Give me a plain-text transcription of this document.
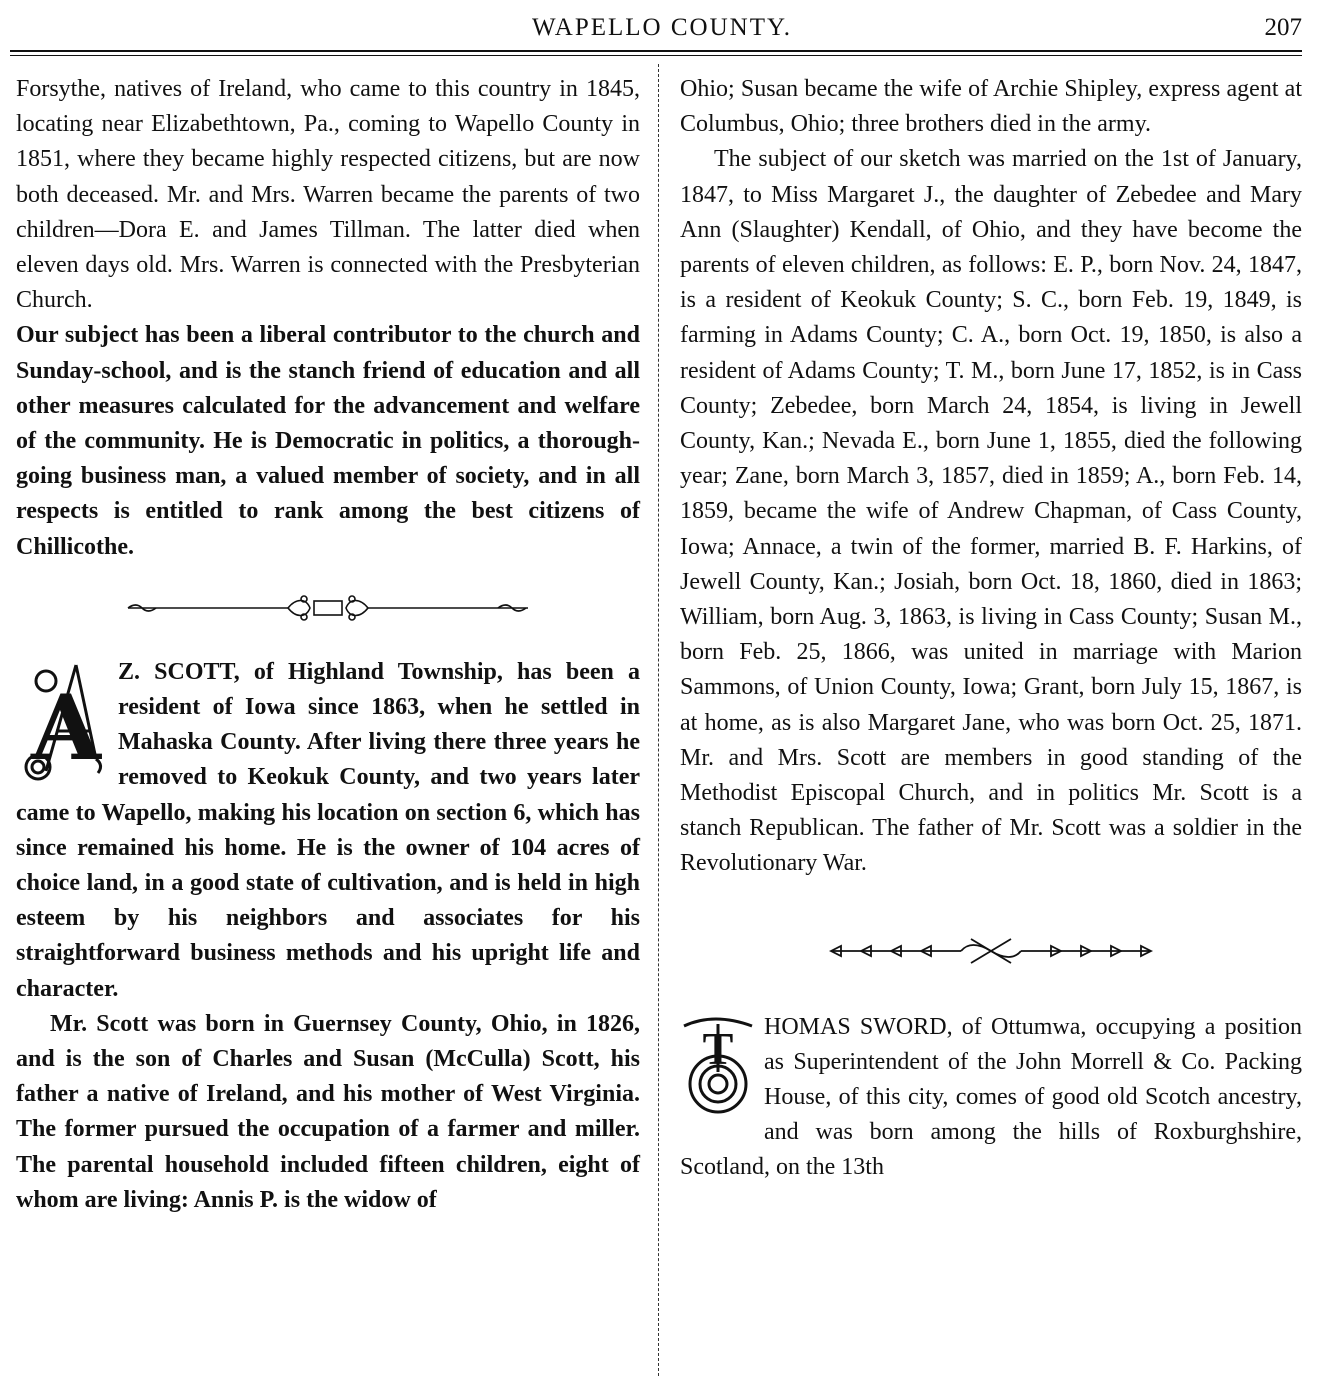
WAPELLO COUNTY.	207

Forsythe, natives of Ireland, who came to this country in 1845, locating near Elizabethtown, Pa., coming to Wapello County in 1851, where they became highly respected citizens, but are now both deceased. Mr. and Mrs. Warren became the parents of two children—Dora E. and James Tillman. The latter died when eleven days old. Mrs. Warren is connected with the Presbyterian Church.

Our subject has been a liberal contributor to the church and Sunday-school, and is the stanch friend of education and all other measures calculated for the advancement and welfare of the community. He is Democratic in politics, a thorough-going business man, a valued member of society, and in all respects is entitled to rank among the best citizens of Chillicothe.

A

Z. SCOTT, of Highland Township, has been a resident of Iowa since 1863, when he settled in Mahaska County. After living there three years he removed to Keokuk County, and two years later came to Wapello, making his location on section 6, which has since remained his home. He is the owner of 104 acres of choice land, in a good state of cultivation, and is held in high esteem by his neighbors and associates for his straightforward business methods and his upright life and character.

Mr. Scott was born in Guernsey County, Ohio, in 1826, and is the son of Charles and Susan (McCulla) Scott, his father a native of Ireland, and his mother of West Virginia. The former pursued the occupation of a farmer and miller. The parental household included fifteen children, eight of whom are living: Annis P. is the widow of

Ohio; Susan became the wife of Archie Shipley, express agent at Columbus, Ohio; three brothers died in the army.

The subject of our sketch was married on the 1st of January, 1847, to Miss Margaret J., the daughter of Zebedee and Mary Ann (Slaughter) Kendall, of Ohio, and they have become the parents of eleven children, as follows: E. P., born Nov. 24, 1847, is a resident of Keokuk County; S. C., born Feb. 19, 1849, is farming in Adams County; C. A., born Oct. 19, 1850, is also a resident of Adams County; T. M., born June 17, 1852, is in Cass County; Zebedee, born March 24, 1854, is living in Jewell County, Kan.; Nevada E., born June 1, 1855, died the following year; Zane, born March 3, 1857, died in 1859; A., born Feb. 14, 1859, became the wife of Andrew Chapman, of Cass County, Iowa; Annace, a twin of the former, married B. F. Harkins, of Jewell County, Kan.; Josiah, born Oct. 18, 1860, died in 1863; William, born Aug. 3, 1863, is living in Cass County; Susan M., born Feb. 25, 1866, was united in marriage with Marion Sammons, of Union County, Iowa; Grant, born July 15, 1867, is at home, as is also Margaret Jane, who was born Oct. 25, 1871. Mr. and Mrs. Scott are members in good standing of the Methodist Episcopal Church, and in politics Mr. Scott is a stanch Republican. The father of Mr. Scott was a soldier in the Revolutionary War.

T	HOMAS SWORD, of Ottumwa, occupying a position as Superintendent of the John Morrell & Co. Packing House, of this city, comes of good old Scotch ancestry, and was born among the hills of Roxburghshire, Scotland, on the 13th
